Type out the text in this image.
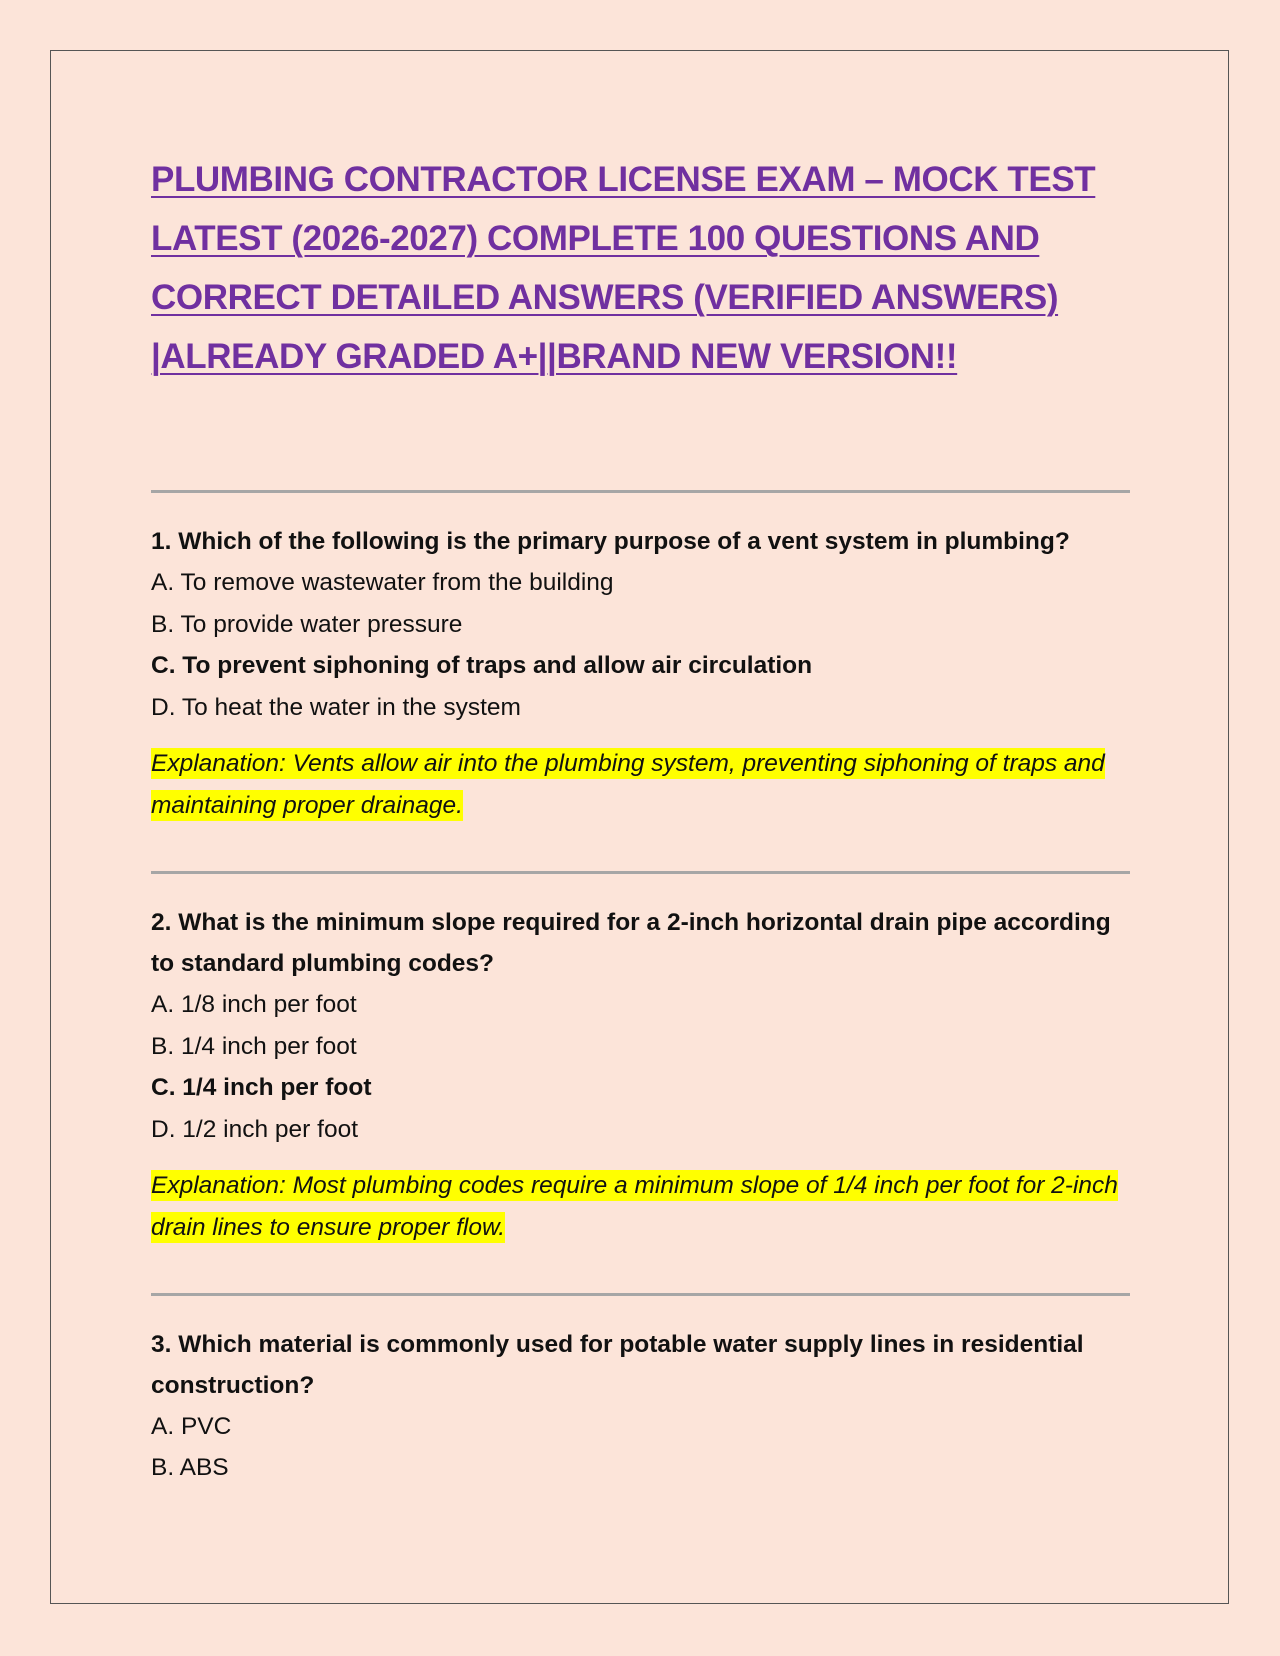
PLUMBING CONTRACTOR LICENSE EXAM – MOCK TEST
LATEST (2026-2027) COMPLETE 100 QUESTIONS AND
CORRECT DETAILED ANSWERS (VERIFIED ANSWERS)
|ALREADY GRADED A+||BRAND NEW VERSION!!

1. Which of the following is the primary purpose of a vent system in plumbing?

A. To remove wastewater from the building
B. To provide water pressure
C. To prevent siphoning of traps and allow air circulation
D. To heat the water in the system

Explanation: Vents allow air into the plumbing system, preventing siphoning of traps and maintaining proper drainage.

2. What is the minimum slope required for a 2-inch horizontal drain pipe according to standard plumbing codes?

A. 1/8 inch per foot
B. 1/4 inch per foot
C. 1/4 inch per foot
D. 1/2 inch per foot

Explanation: Most plumbing codes require a minimum slope of 1/4 inch per foot for 2-inch drain lines to ensure proper flow.

3. Which material is commonly used for potable water supply lines in residential construction?

A. PVC
B. ABS
